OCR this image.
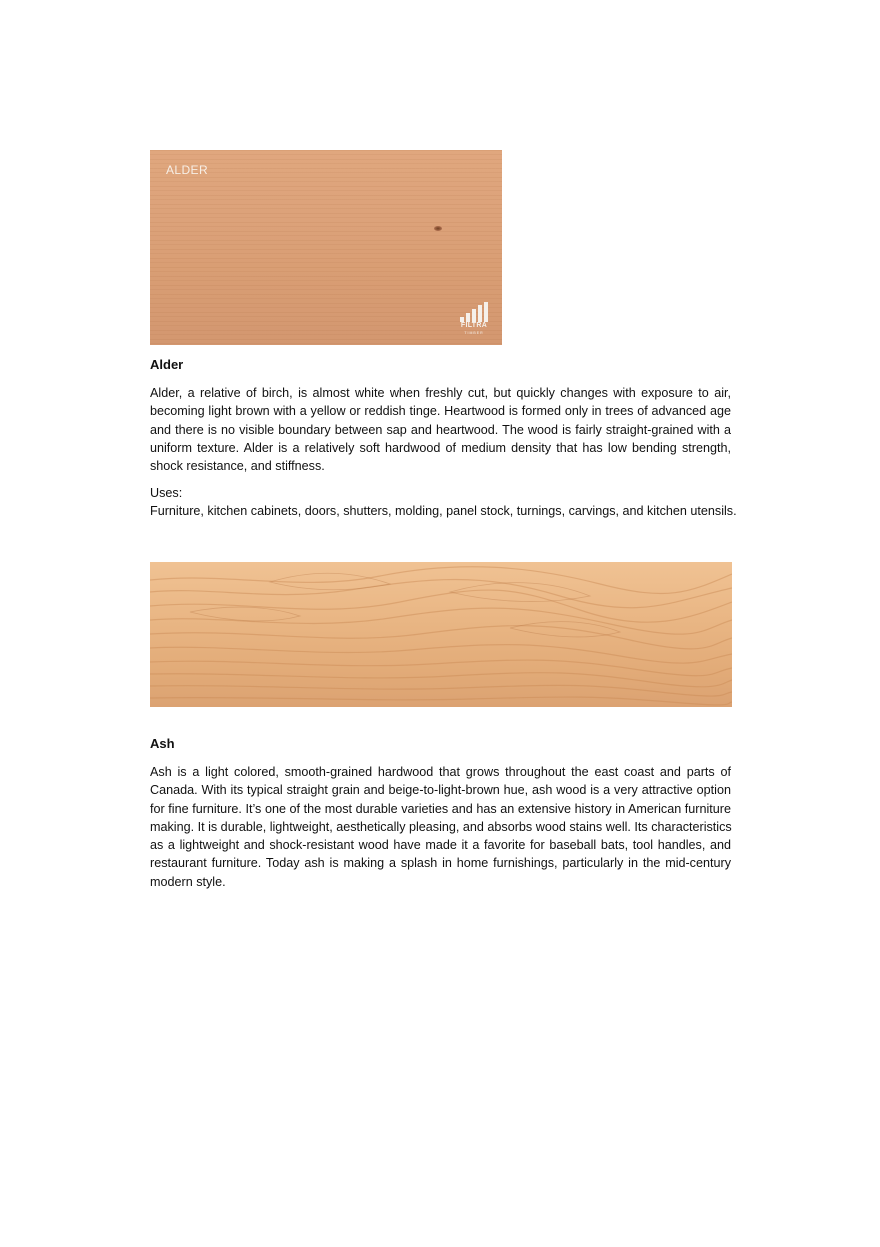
ALDER
FILTRA
TIMBER
Alder
Alder, a relative of birch, is almost white when freshly cut, but quickly changes with exposure to air,
becoming light brown with a yellow or reddish tinge. Heartwood is formed only in trees of advanced age
and there is no visible boundary between sap and heartwood. The wood is fairly straight-grained with a
uniform texture. Alder is a relatively soft hardwood of medium density that has low bending strength,
shock resistance, and stiffness.
Uses:
Furniture, kitchen cabinets, doors, shutters, molding, panel stock, turnings, carvings, and kitchen utensils.
Ash
Ash is a light colored, smooth-grained hardwood that grows throughout the east coast and parts of
Canada. With its typical straight grain and beige-to-light-brown hue, ash wood is a very attractive option
for fine furniture. It’s one of the most durable varieties and has an extensive history in American furniture
making. It is durable, lightweight, aesthetically pleasing, and absorbs wood stains well. Its characteristics
as a lightweight and shock-resistant wood have made it a favorite for baseball bats, tool handles, and
restaurant furniture. Today ash is making a splash in home furnishings, particularly in the mid-century
modern style.
